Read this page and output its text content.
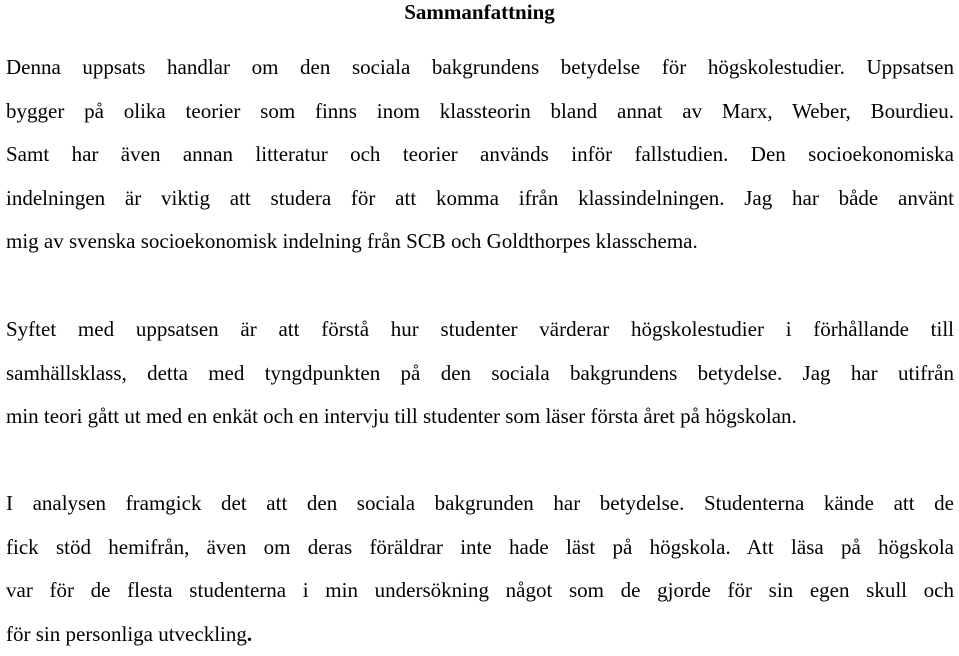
Sammanfattning
Denna uppsats handlar om den sociala bakgrundens betydelse för högskolestudier. Uppsatsen
bygger på olika teorier som finns inom klassteorin bland annat av Marx, Weber, Bourdieu.
Samt har även annan litteratur och teorier används inför fallstudien. Den socioekonomiska
indelningen är viktig att studera för att komma ifrån klassindelningen. Jag har både använt
mig av svenska socioekonomisk indelning från SCB och Goldthorpes klasschema.
Syftet med uppsatsen är att förstå hur studenter värderar högskolestudier i förhållande till
samhällsklass, detta med tyngdpunkten på den sociala bakgrundens betydelse. Jag har utifrån
min teori gått ut med en enkät och en intervju till studenter som läser första året på högskolan.
I analysen framgick det att den sociala bakgrunden har betydelse. Studenterna kände att de
fick stöd hemifrån, även om deras föräldrar inte hade läst på högskola. Att läsa på högskola
var för de flesta studenterna i min undersökning något som de gjorde för sin egen skull och
för sin personliga utveckling.
